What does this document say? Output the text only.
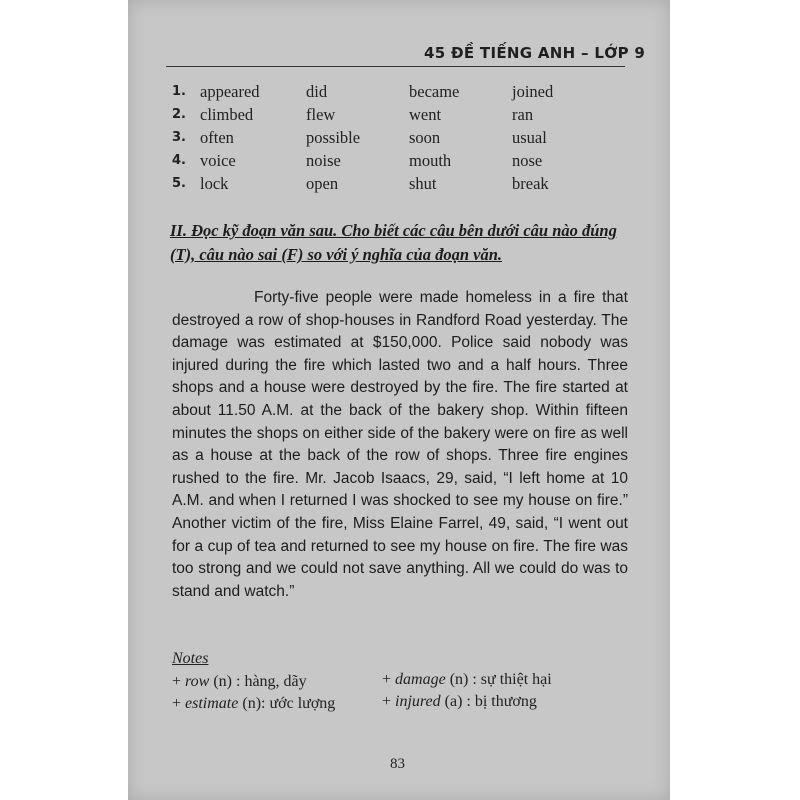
45 ĐỀ TIẾNG ANH – LỚP 9
1.	appeared	did	became	joined
2.	climbed	flew	went	ran
3.	often	possible	soon	usual
4.	voice	noise	mouth	nose
5.	lock	open	shut	break
II. Đọc kỹ đoạn văn sau. Cho biết các câu bên dưới câu nào đúng (T), câu nào sai (F) so với ý nghĩa của đoạn văn.
Forty-five people were made homeless in a fire that destroyed a row of shop-houses in Randford Road yesterday. The damage was estimated at $150,000. Police said nobody was injured during the fire which lasted two and a half hours. Three shops and a house were destroyed by the fire. The fire started at about 11.50 A.M. at the back of the bakery shop. Within fifteen minutes the shops on either side of the bakery were on fire as well as a house at the back of the row of shops. Three fire engines rushed to the fire. Mr. Jacob Isaacs, 29, said, “I left home at 10 A.M. and when I returned I was shocked to see my house on fire.” Another victim of the fire, Miss Elaine Farrel, 49, said, “I went out for a cup of tea and returned to see my house on fire. The fire was too strong and we could not save anything. All we could do was to stand and watch.”
Notes
+ row (n) : hàng, dãy	+ damage (n) : sự thiệt hại
+ estimate (n): ước lượng	+ injured (a) : bị thương
83
